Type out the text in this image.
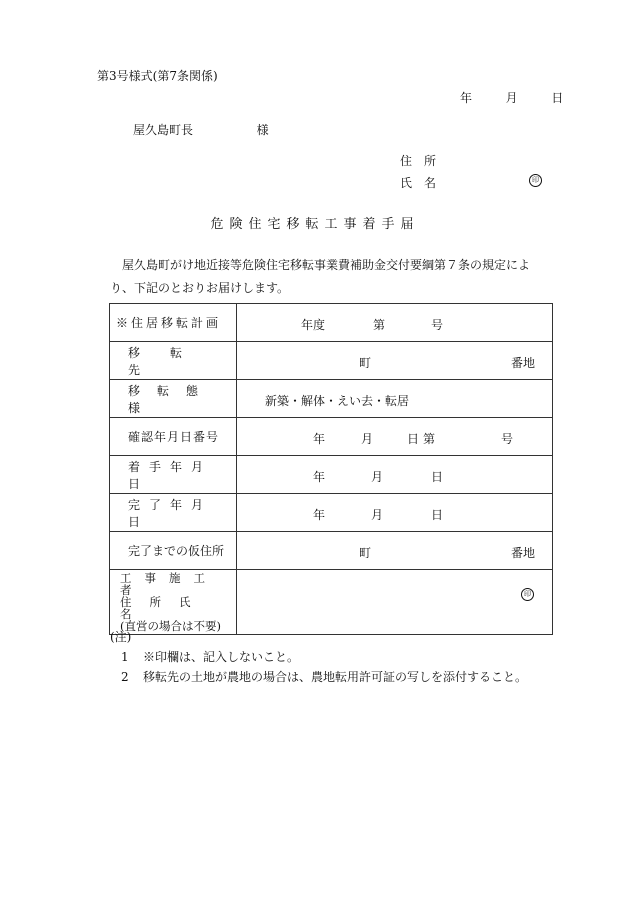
第3号様式(第7条関係)
年	月	日
屋久島町長	様
住　所
氏　名	印
危険住宅移転工事着手届
屋久島町がけ地近接等危険住宅移転事業費補助金交付要綱第７条の規定により、下記のとおりお届けします。
※住居移転計画	年度 第 号

移転先	町 番地

移転態様	新築・解体・えい去・転居

確認年月日番号	年 月 日 第 号

着手年月日	年 月 日

完了年月日	年 月 日

完了までの仮住所	町 番地

工事施工者
住所氏名
(直営の場合は不要)	印
(注)
1 ※印欄は、記入しないこと。
2 移転先の土地が農地の場合は、農地転用許可証の写しを添付すること。
